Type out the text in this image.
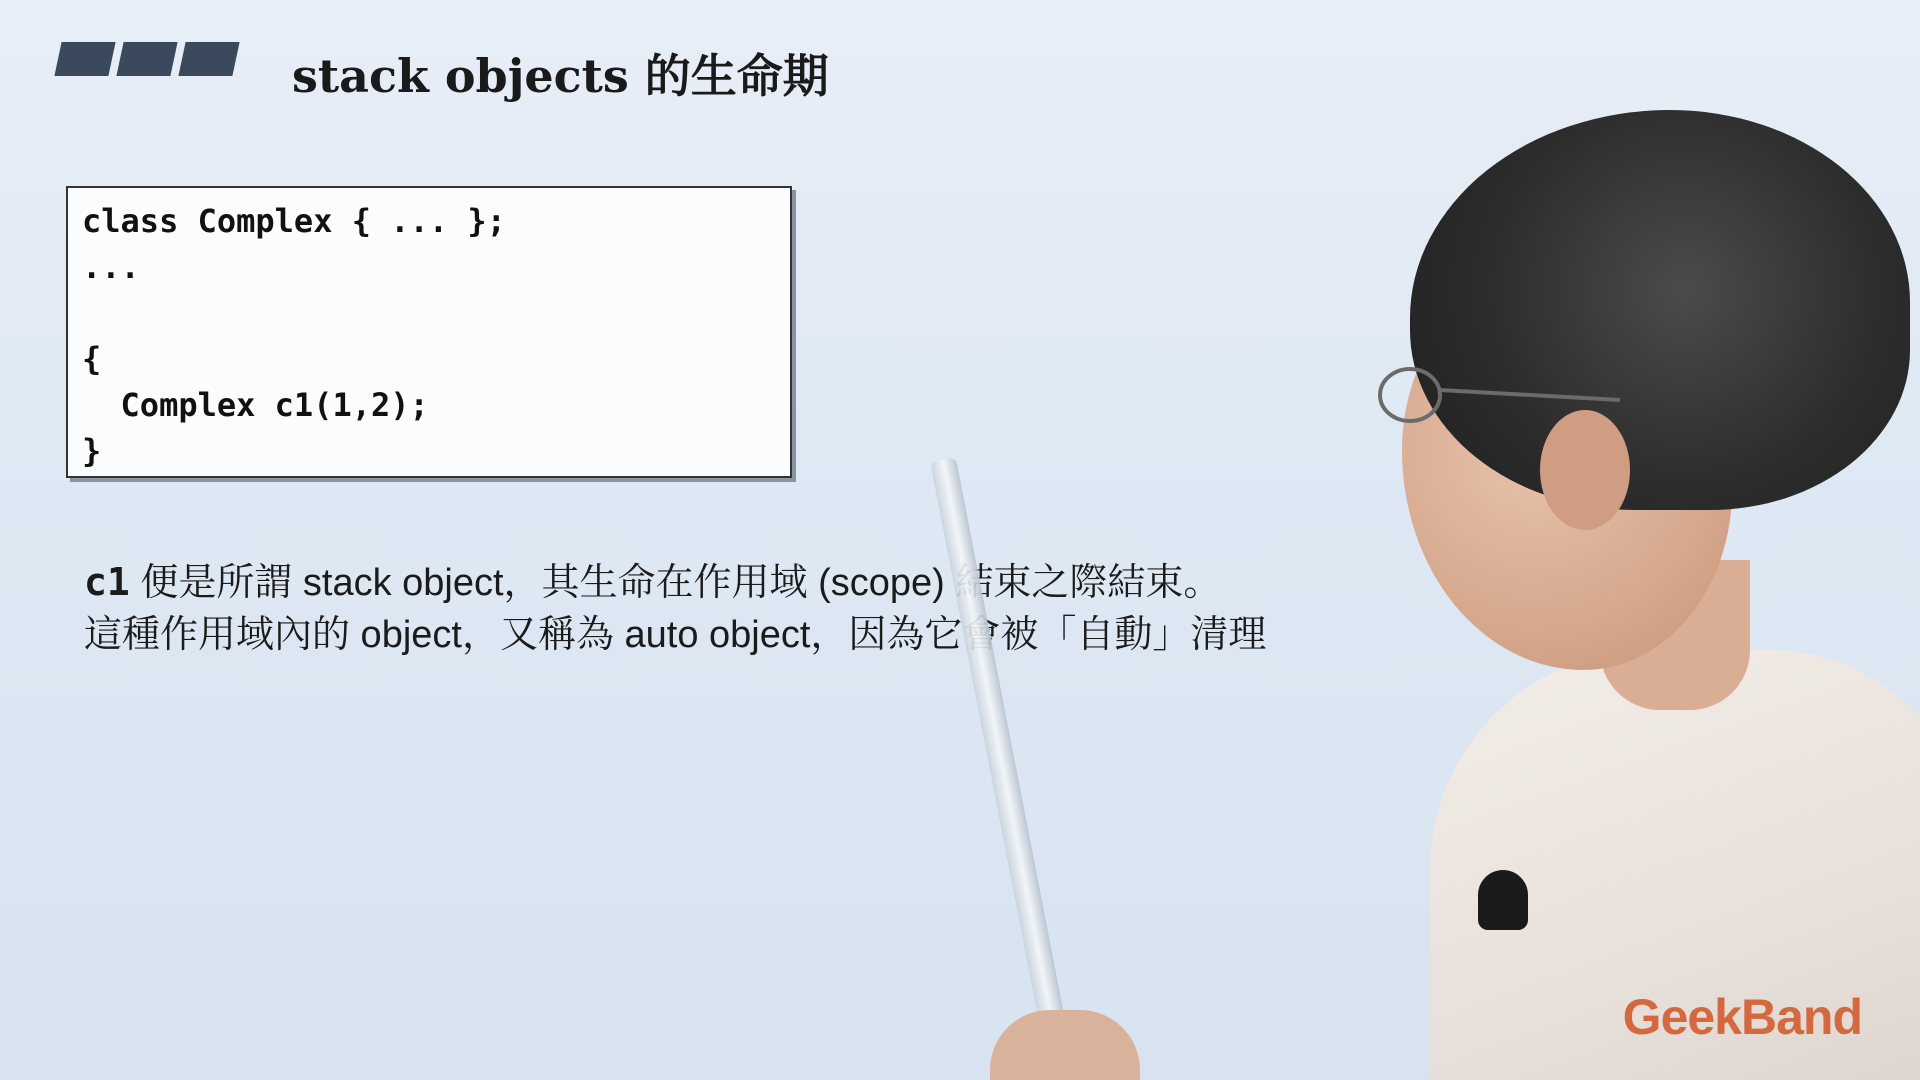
stack objects 的生命期
class Complex { ... };
...
{
Complex c1(1,2);
}
c1 便是所謂 stack object，其生命在作用域 (scope) 結束之際結束。
這種作用域內的 object，又稱為 auto object，因為它會被「自動」清理
GeekBand
